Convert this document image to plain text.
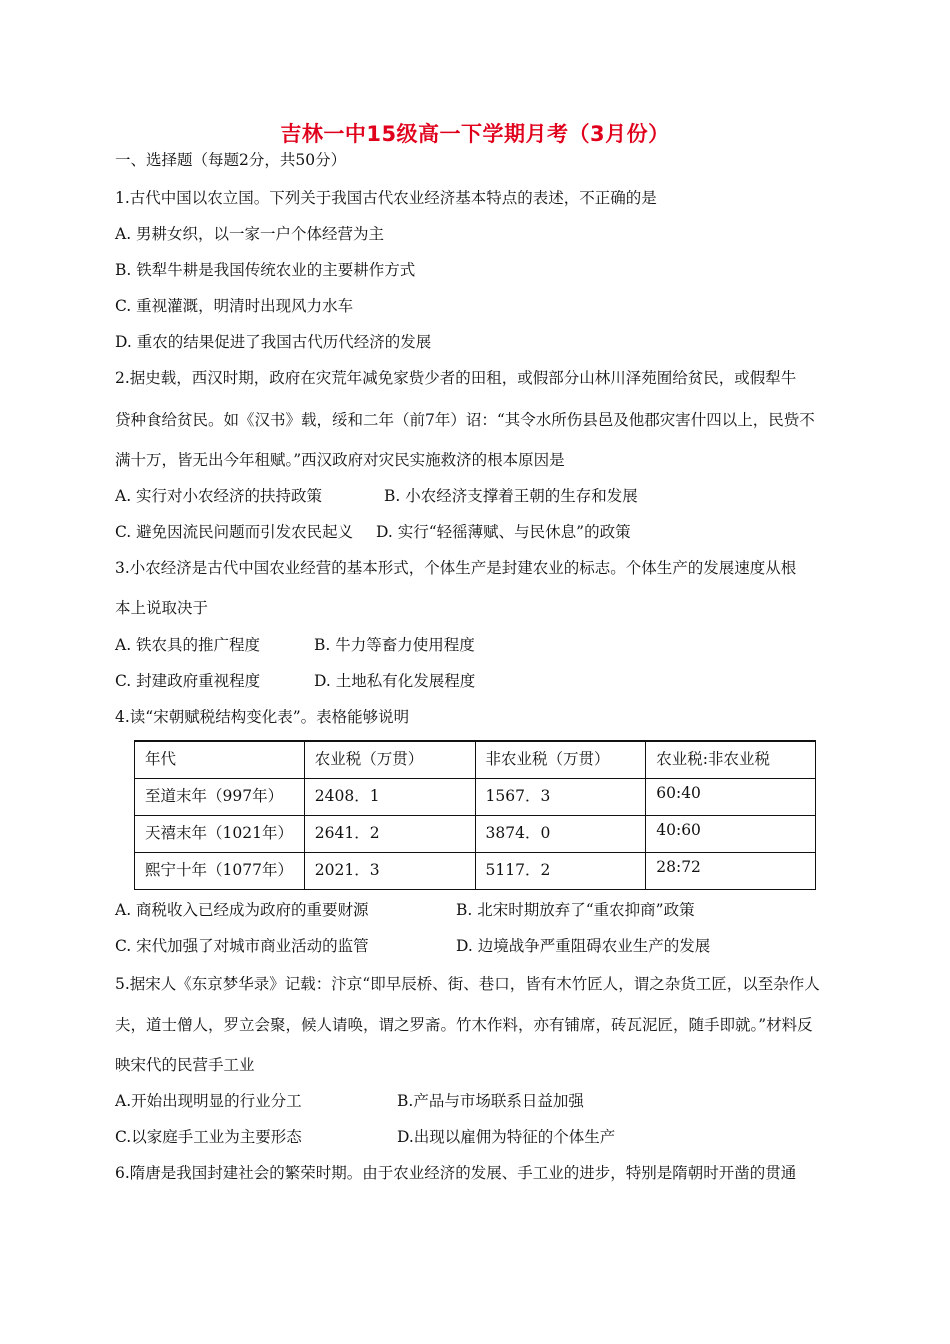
吉林一中15级高一下学期月考（3月份）
一、选择题（每题2分，共50分）
1.古代中国以农立国。下列关于我国古代农业经济基本特点的表述，不正确的是
A. 男耕女织，以一家一户个体经营为主
B. 铁犁牛耕是我国传统农业的主要耕作方式
C. 重视灌溉，明清时出现风力水车
D. 重农的结果促进了我国古代历代经济的发展
2.据史载，西汉时期，政府在灾荒年减免家赀少者的田租，或假部分山林川泽苑囿给贫民，或假犁牛
贷种食给贫民。如《汉书》载，绥和二年（前7年）诏：“其令水所伤县邑及他郡灾害什四以上，民赀不
满十万，皆无出今年租赋。”西汉政府对灾民实施救济的根本原因是
A. 实行对小农经济的扶持政策	B. 小农经济支撑着王朝的生存和发展
C. 避免因流民问题而引发农民起义 D. 实行“轻徭薄赋、与民休息”的政策
3.小农经济是古代中国农业经营的基本形式，个体生产是封建农业的标志。个体生产的发展速度从根
本上说取决于
A. 铁农具的推广程度	B. 牛力等畜力使用程度
C. 封建政府重视程度	D. 土地私有化发展程度
4.读“宋朝赋税结构变化表”。表格能够说明
年代	农业税（万贯）	非农业税（万贯）	农业税:非农业税
至道末年（997年）	2408．1	1567．3	60:40
天禧末年（1021年）	2641．2	3874．0	40:60
熙宁十年（1077年）	2021．3	5117．2	28:72
A. 商税收入已经成为政府的重要财源	B. 北宋时期放弃了“重农抑商”政策
C. 宋代加强了对城市商业活动的监管	D. 边境战争严重阻碍农业生产的发展
5.据宋人《东京梦华录》记载：汴京“即早辰桥、街、巷口，皆有木竹匠人，谓之杂货工匠，以至杂作人
夫，道士僧人，罗立会聚，候人请唤，谓之罗斋。竹木作料，亦有铺席，砖瓦泥匠，随手即就。”材料反
映宋代的民营手工业
A.开始出现明显的行业分工	B.产品与市场联系日益加强
C.以家庭手工业为主要形态	D.出现以雇佣为特征的个体生产
6.隋唐是我国封建社会的繁荣时期。由于农业经济的发展、手工业的进步，特别是隋朝时开凿的贯通
